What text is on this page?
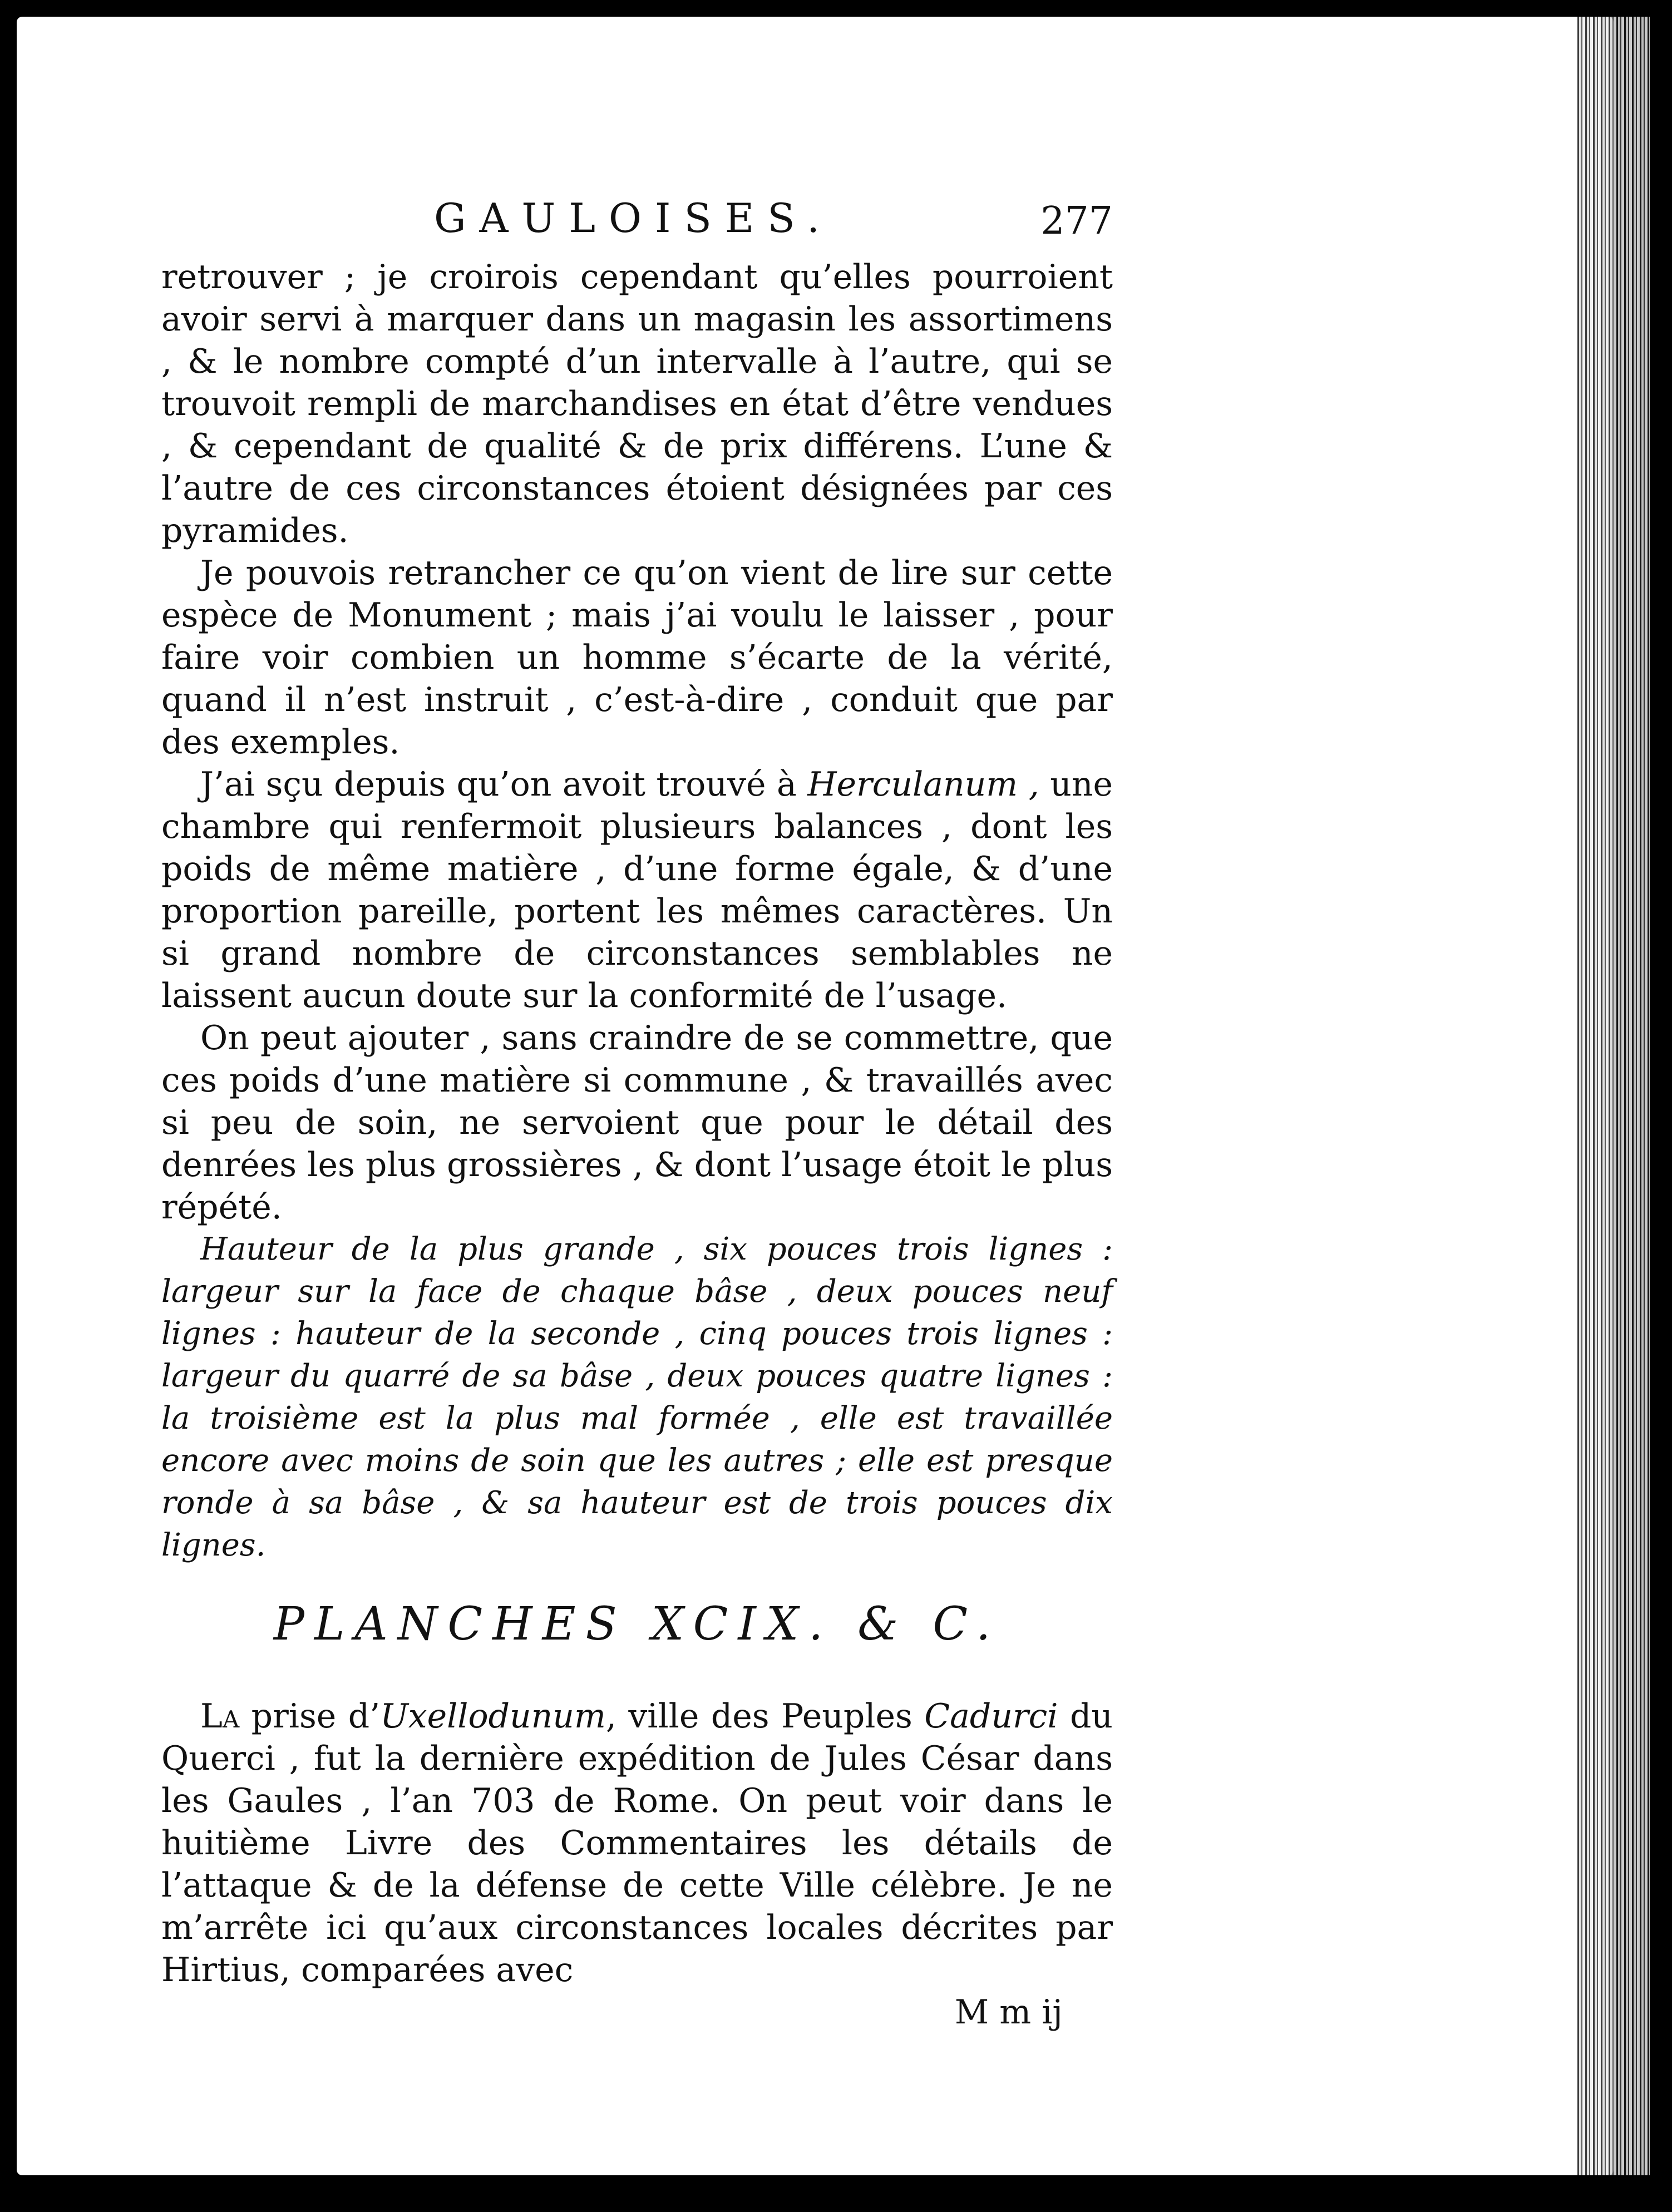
GAULOISES.	277

retrouver ; je croirois cependant qu’elles pourroient avoir servi à marquer dans un magasin les assortimens , & le nombre compté d’un intervalle à l’autre, qui se trouvoit rempli de marchandises en état d’être vendues , & cependant de qualité & de prix différens. L’une & l’autre de ces circonstances étoient désignées par ces pyramides.

Je pouvois retrancher ce qu’on vient de lire sur cette espèce de Monument ; mais j’ai voulu le laisser , pour faire voir combien un homme s’écarte de la vérité, quand il n’est instruit , c’est-à-dire , conduit que par des exemples.

J’ai sçu depuis qu’on avoit trouvé à Herculanum , une chambre qui renfermoit plusieurs balances , dont les poids de même matière , d’une forme égale, & d’une proportion pareille, portent les mêmes caractères. Un si grand nombre de circonstances semblables ne laissent aucun doute sur la conformité de l’usage.

On peut ajouter , sans craindre de se commettre, que ces poids d’une matière si commune , & travaillés avec si peu de soin, ne servoient que pour le détail des denrées les plus grossières , & dont l’usage étoit le plus répété.

Hauteur de la plus grande , six pouces trois lignes : largeur sur la face de chaque bâse , deux pouces neuf lignes : hauteur de la seconde , cinq pouces trois lignes : largeur du quarré de sa bâse , deux pouces quatre lignes : la troisième est la plus mal formée , elle est travaillée encore avec moins de soin que les autres ; elle est presque ronde à sa bâse , & sa hauteur est de trois pouces dix lignes.

PLANCHES XCIX. & C.

La prise d’Uxellodunum, ville des Peuples Cadurci du Querci , fut la dernière expédition de Jules César dans les Gaules , l’an 703 de Rome. On peut voir dans le huitième Livre des Commentaires les détails de l’attaque & de la défense de cette Ville célèbre. Je ne m’arrête ici qu’aux circonstances locales décrites par Hirtius, comparées avec

M m ij
